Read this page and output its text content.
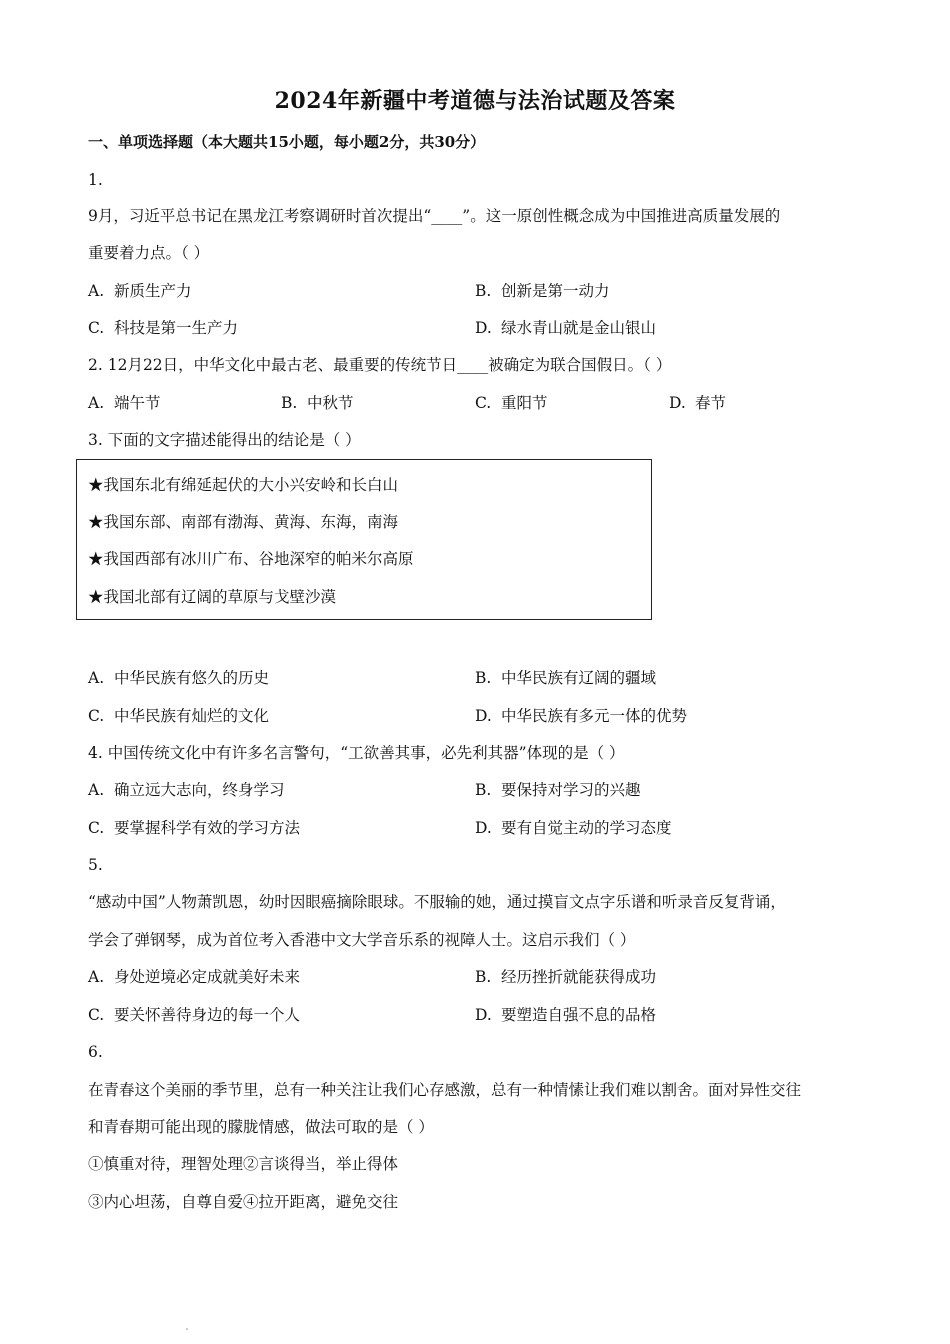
2024年新疆中考道德与法治试题及答案
一、单项选择题（本大题共15小题，每小题2分，共30分）
1.
9月，习近平总书记在黑龙江考察调研时首次提出“____”。这一原创性概念成为中国推进高质量发展的
重要着力点。（ ）
A. 新质生产力	B. 创新是第一动力
C. 科技是第一生产力	D. 绿水青山就是金山银山
2. 12月22日，中华文化中最古老、最重要的传统节日____被确定为联合国假日。（ ）
A. 端午节	B. 中秋节	C. 重阳节	D. 春节
3. 下面的文字描述能得出的结论是（ ）
★我国东北有绵延起伏的大小兴安岭和长白山
★我国东部、南部有渤海、黄海、东海，南海
★我国西部有冰川广布、谷地深窄的帕米尔高原
★我国北部有辽阔的草原与戈壁沙漠
A. 中华民族有悠久的历史	B. 中华民族有辽阔的疆域
C. 中华民族有灿烂的文化	D. 中华民族有多元一体的优势
4. 中国传统文化中有许多名言警句，“工欲善其事，必先利其器”体现的是（ ）
A. 确立远大志向，终身学习	B. 要保持对学习的兴趣
C. 要掌握科学有效的学习方法	D. 要有自觉主动的学习态度
5.
“感动中国”人物萧凯恩，幼时因眼癌摘除眼球。不服输的她，通过摸盲文点字乐谱和听录音反复背诵，
学会了弹钢琴，成为首位考入香港中文大学音乐系的视障人士。这启示我们（ ）
A. 身处逆境必定成就美好未来	B. 经历挫折就能获得成功
C. 要关怀善待身边的每一个人	D. 要塑造自强不息的品格
6.
在青春这个美丽的季节里，总有一种关注让我们心存感激，总有一种情愫让我们难以割舍。面对异性交往
和青春期可能出现的朦胧情感，做法可取的是（ ）
①慎重对待，理智处理②言谈得当，举止得体
③内心坦荡，自尊自爱④拉开距离，避免交往
